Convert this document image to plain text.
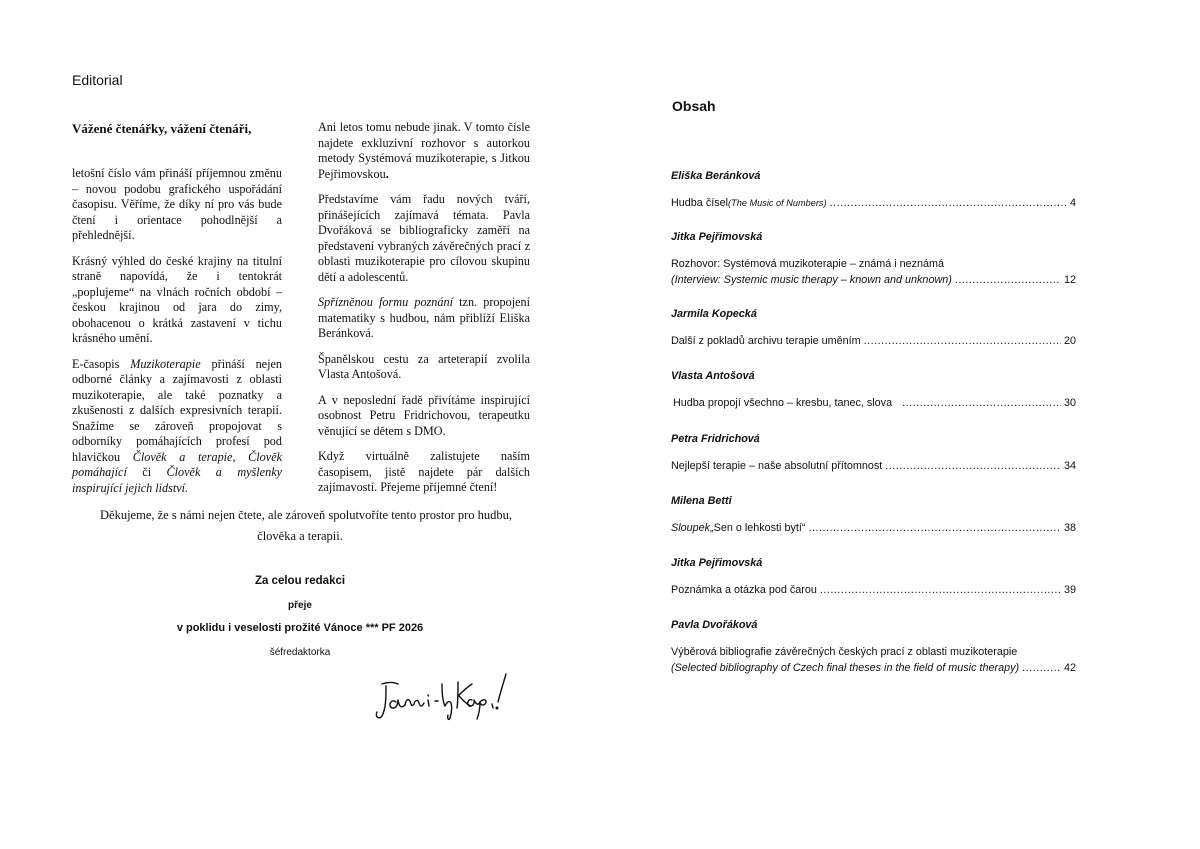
Editorial
Vážené čtenářky, vážení čtenáři,

letošní číslo vám přináší příjemnou změnu – novou podobu grafického uspořádání časopisu. Věříme, že díky ní pro vás bude čtení i orientace pohodlnější a přehlednější.

Krásný výhled do české krajiny na titulní straně napovídá, že i tentokrát „poplujeme“ na vlnách ročních období – českou krajinou od jara do zimy, obohacenou o krátká zastavení v tichu krásného umění.

E-časopis Muzikoterapie přináší nejen odborné články a zajímavosti z oblasti muzikoterapie, ale také poznatky a zkušenosti z dalších expresivních terapií. Snažíme se zároveň propojovat s odborníky pomáhajících profesí pod hlavičkou Člověk a terapie, Člověk pomáhající či Člověk a myšlenky inspirující jejich lidství.

Ani letos tomu nebude jinak. V tomto čísle najdete exkluzivní rozhovor s autorkou metody Systémová muzikoterapie, s Jitkou Pejřimovskou.

Představíme vám řadu nových tváří, přinášejících zajímavá témata. Pavla Dvořáková se bibliograficky zaměří na představení vybraných závěrečných prací z oblasti muzikoterapie pro cílovou skupinu dětí a adolescentů.

Spřízněnou formu poznání tzn. propojení matematiky s hudbou, nám přiblíží Eliška Beránková.

Španělskou cestu za arteterapií zvolila Vlasta Antošová.

A v neposlední řadě přivítáme inspirující osobnost Petru Fridrichovou, terapeutku věnující se dětem s DMO.

Když virtuálně zalistujete naším časopisem, jistě najdete pár dalších zajímavostí. Přejeme příjemné čtení!

Děkujeme, že s námi nejen čtete, ale zároveň spolutvoříte tento prostor pro hudbu,
člověka a terapii.
Za celou redakci
přeje
v poklidu i veselosti prožité Vánoce *** PF 2026
šéfredaktorka
Obsah
Eliška Beránková
Hudba čísel (The Music of Numbers) .....	4
Jitka Pejřimovská
Rozhovor: Systémová muzikoterapie – známá i neznámá
(Interview: Systemic music therapy – known and unknown) .....	12
Jarmila Kopecká
Další z pokladů archivu terapie uměním .....	20
Vlasta Antošová
Hudba propojí všechno – kresbu, tanec, slova .....	30
Petra Fridrichová
Nejlepší terapie – naše absolutní přítomnost .....	34
Milena Betti
Sloupek „Sen o lehkosti bytí“ .....	38
Jitka Pejřimovská
Poznámka a otázka pod čarou .....	39
Pavla Dvořáková
Výběrová bibliografie závěrečných českých prací z oblasti muzikoterapie
(Selected bibliography of Czech final theses in the field of music therapy) .....	42
